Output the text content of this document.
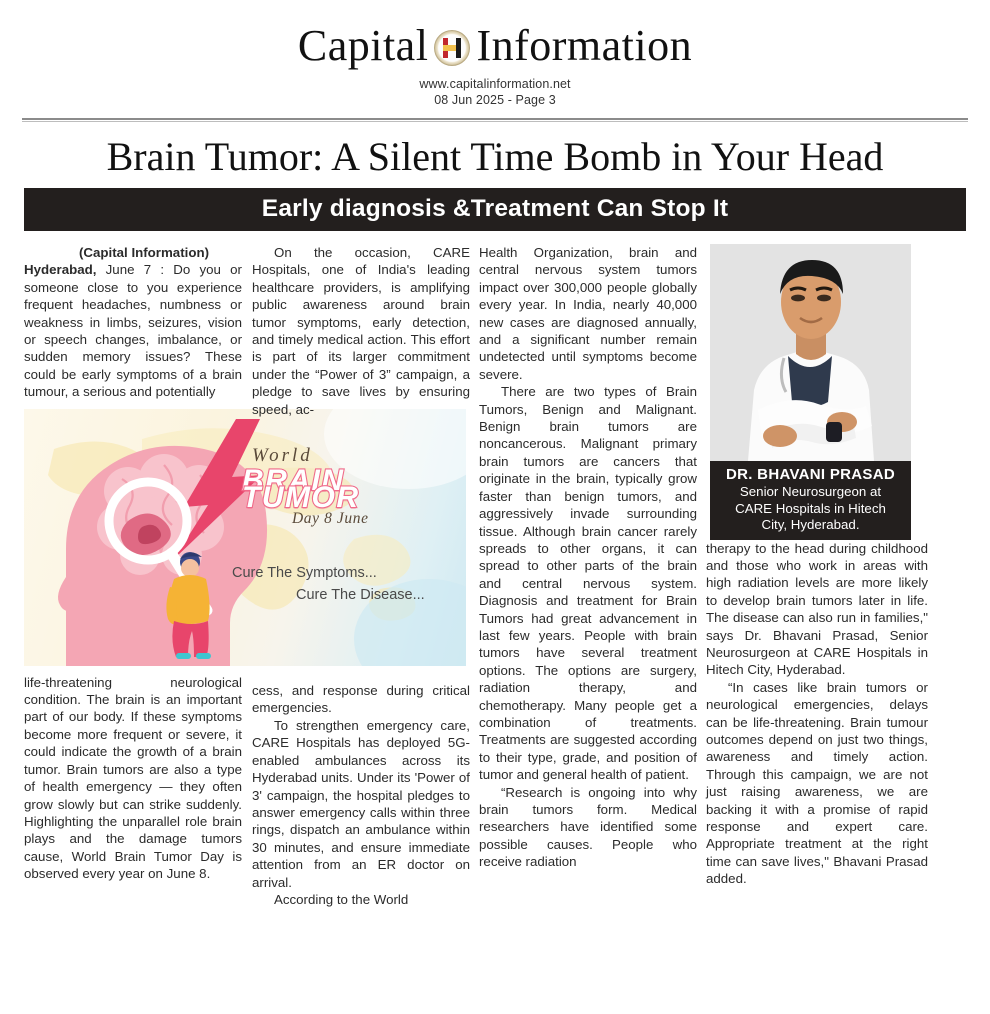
Capital Information
www.capitalinformation.net
08 Jun 2025 - Page 3
Brain Tumor: A Silent Time Bomb in Your Head
Early diagnosis &Treatment Can Stop It

(Capital Information)

Hyderabad, June 7 : Do you or someone close to you experience frequent headaches, numbness or weakness in limbs, seizures, vision or speech changes, imbalance, or sudden memory issues? These could be early symptoms of a brain tumour, a serious and potentially

World
BRAIN TUMOR
Day 8 June
Cure The Symptoms...
Cure The Disease...

life-threatening neurological condition. The brain is an important part of our body. If these symptoms become more frequent or severe, it could indicate the growth of a brain tumor. Brain tumors are also a type of health emergency — they often grow slowly but can strike suddenly. Highlighting the unparallel role brain plays and the damage tumors cause, World Brain Tumor Day is observed every year on June 8.

On the occasion, CARE Hospitals, one of India's leading healthcare providers, is amplifying public awareness around brain tumor symptoms, early detection, and timely medical action. This effort is part of its larger commitment under the “Power of 3” campaign, a pledge to save lives by ensuring speed, ac-

cess, and response during critical emergencies.

To strengthen emergency care, CARE Hospitals has deployed 5G-enabled ambulances across its Hyderabad units. Under its 'Power of 3' campaign, the hospital pledges to answer emergency calls within three rings, dispatch an ambulance within 30 minutes, and ensure immediate attention from an ER doctor on arrival.

According to the World

Health Organization, brain and central nervous system tumors impact over 300,000 people globally every year. In India, nearly 40,000 new cases are diagnosed annually, and a significant number remain undetected until symptoms become severe.

There are two types of Brain Tumors, Benign and Malignant. Benign brain tumors are noncancerous. Malignant primary brain tumors are cancers that originate in the brain, typically grow faster than benign tumors, and aggressively invade surrounding tissue. Although brain cancer rarely spreads to other organs, it can spread to other parts of the brain and central nervous system. Diagnosis and treatment for Brain Tumors had great advancement in last few years. People with brain tumors have several treatment options. The options are surgery, radiation therapy, and chemotherapy. Many people get a combination of treatments. Treatments are suggested according to their type, grade, and position of tumor and general health of patient.

“Research is ongoing into why brain tumors form. Medical researchers have identified some possible causes. People who receive radiation

DR. BHAVANI PRASAD
Senior Neurosurgeon at
CARE Hospitals in Hitech
City, Hyderabad.

therapy to the head during childhood and those who work in areas with high radiation levels are more likely to develop brain tumors later in life. The disease can also run in families," says Dr. Bhavani Prasad, Senior Neurosurgeon at CARE Hospitals in Hitech City, Hyderabad.

“In cases like brain tumors or neurological emergencies, delays can be life-threatening. Brain tumour outcomes depend on just two things, awareness and timely action. Through this campaign, we are not just raising awareness, we are backing it with a promise of rapid response and expert care. Appropriate treatment at the right time can save lives," Bhavani Prasad added.
